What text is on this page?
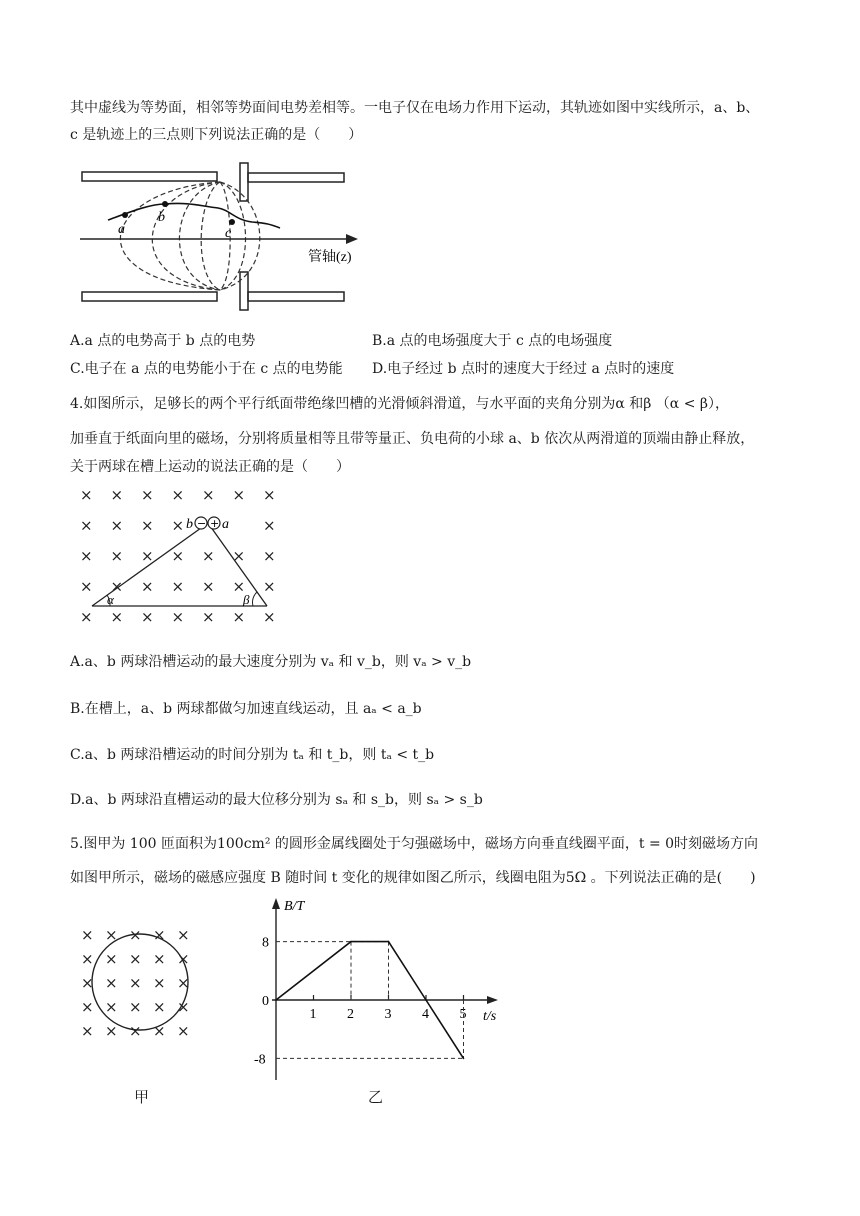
其中虚线为等势面，相邻等势面间电势差相等。一电子仅在电场力作用下运动，其轨迹如图中实线所示，a、b、
c 是轨迹上的三点则下列说法正确的是（　　）
a
b
c
管轴(z)
A.a 点的电势高于 b 点的电势	B.a 点的电场强度大于 c 点的电场强度
C.电子在 a 点的电势能小于在 c 点的电势能 D.电子经过 b 点时的速度大于经过 a 点时的速度
4.如图所示，足够长的两个平行纸面带绝缘凹槽的光滑倾斜滑道，与水平面的夹角分别为α 和β （α < β），
加垂直于纸面向里的磁场，分别将质量相等且带等量正、负电荷的小球 a、b 依次从两滑道的顶端由静止释放，
关于两球在槽上运动的说法正确的是（　　）
× × × × × × ×
× × × ×	×
× × × × × × ×
× × × × × × ×
× × × × × × ×
− +
b a
α	β
A.a、b 两球沿槽运动的最大速度分别为 vₐ 和 v_b，则 vₐ > v_b
B.在槽上，a、b 两球都做匀加速直线运动，且 aₐ < a_b
C.a、b 两球沿槽运动的时间分别为 tₐ 和 t_b，则 tₐ < t_b
D.a、b 两球沿直槽运动的最大位移分别为 sₐ 和 s_b，则 sₐ > s_b
5.图甲为 100 匝面积为100cm² 的圆形金属线圈处于匀强磁场中，磁场方向垂直线圈平面，t = 0时刻磁场方向
如图甲所示，磁场的磁感应强度 B 随时间 t 变化的规律如图乙所示，线圈电阻为5Ω 。下列说法正确的是(　　)
× × × × ×
× × × × ×
× × × × ×
× × × × ×
× × × × ×
甲
B/T
t/s
1 2 3 4 5
8
0
-8
乙
